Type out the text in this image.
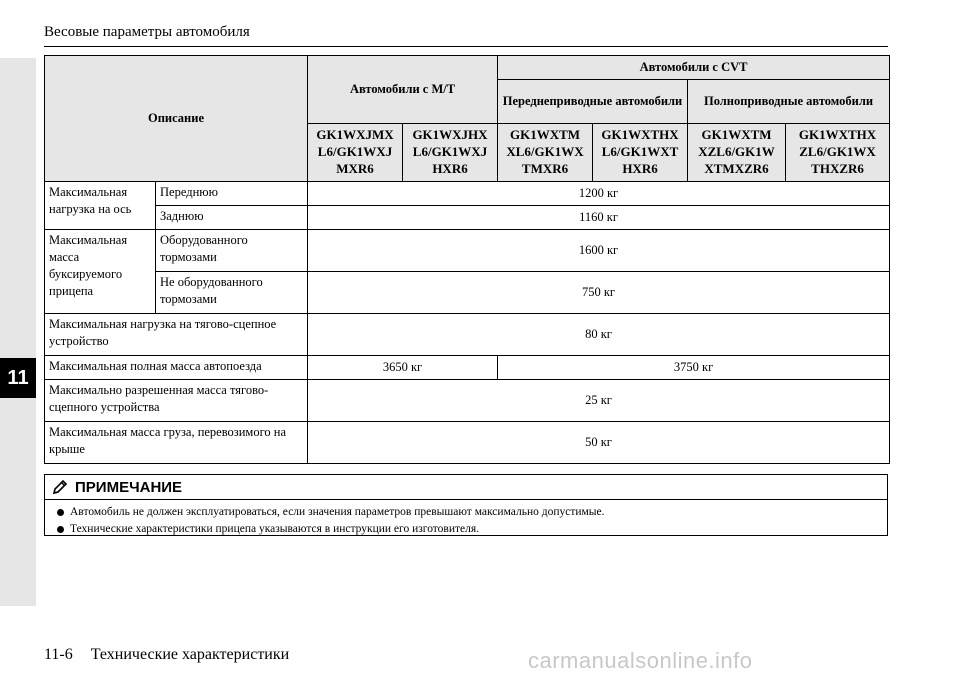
11
Весовые параметры автомобиля
Описание		Автомобили с M/T		Автомобили с CVT			
				Переднеприводные автомобили		Полноприводные автомобили	
		GK1WXJMX L6/GK1WXJ MXR6	GK1WXJHX L6/GK1WXJ HXR6	GK1WXTM XL6/GK1WX TMXR6	GK1WXTHX L6/GK1WXT HXR6	GK1WXTM XZL6/GK1W XTMXZR6	GK1WXTHX ZL6/GK1WX THXZR6
Максимальная нагрузка на ось	Переднюю	1200 кг					
	Заднюю	1160 кг					
Максимальная масса буксируемого прицепа	Оборудованного тормозами	1600 кг					
	Не оборудованного тормозами	750 кг					
Максимальная нагрузка на тягово-сцепное устройство		80 кг					
Максимальная полная масса автопоезда		3650 кг		3750 кг			
Максимально разрешенная масса тягово-сцепного устройства		25 кг					
Максимальная масса груза, перевозимого на крыше		50 кг					
ПРИМЕЧАНИЕ
Автомобиль не должен эксплуатироваться, если значения параметров превышают максимально допустимые.
Технические характеристики прицепа указываются в инструкции его изготовителя.
11-6 Технические характеристики	carmanualsonline.info
